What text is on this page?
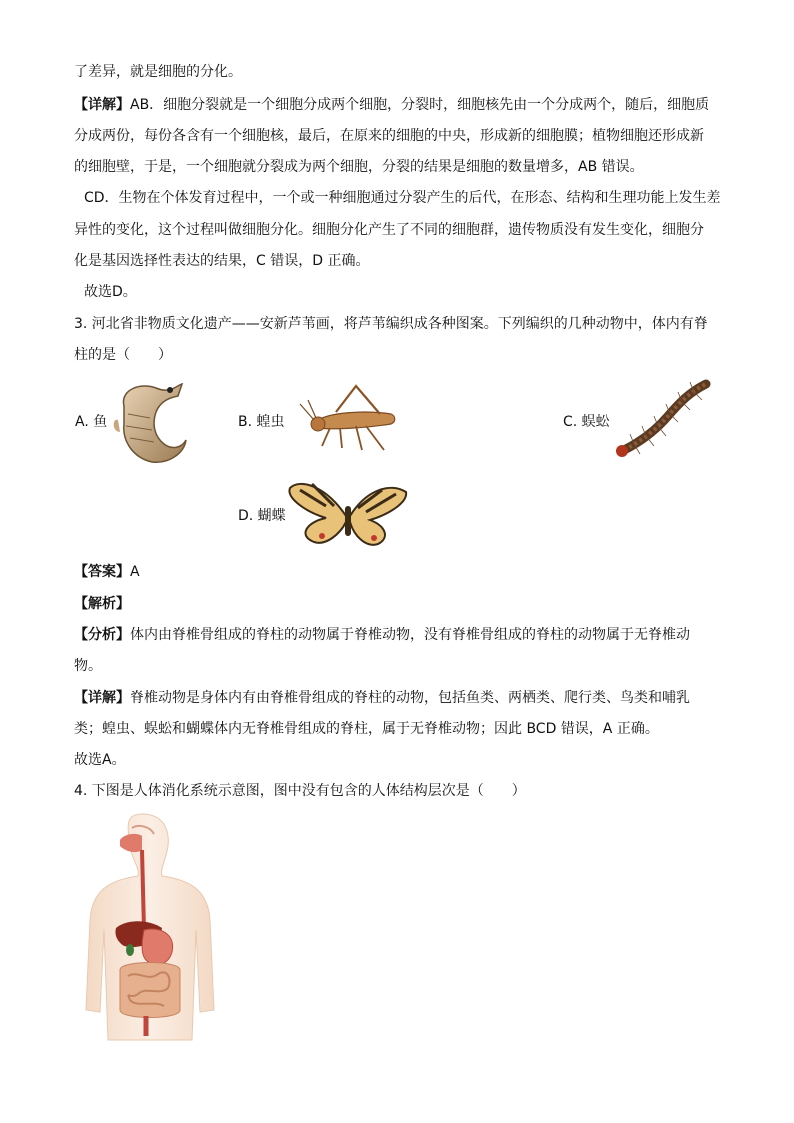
了差异，就是细胞的分化。
【详解】AB．细胞分裂就是一个细胞分成两个细胞，分裂时，细胞核先由一个分成两个，随后，细胞质
分成两份，每份各含有一个细胞核，最后，在原来的细胞的中央，形成新的细胞膜；植物细胞还形成新
的细胞壁，于是，一个细胞就分裂成为两个细胞，分裂的结果是细胞的数量增多，AB 错误。
CD．生物在个体发育过程中，一个或一种细胞通过分裂产生的后代，在形态、结构和生理功能上发生差
异性的变化，这个过程叫做细胞分化。细胞分化产生了不同的细胞群，遗传物质没有发生变化，细胞分
化是基因选择性表达的结果，C 错误，D 正确。
故选D。
3. 河北省非物质文化遗产——安新芦苇画，将芦苇编织成各种图案。下列编织的几种动物中，体内有脊
柱的是（　　）
A. 鱼	B. 蝗虫	C. 蜈蚣
D. 蝴蝶
【答案】A
【解析】
【分析】体内由脊椎骨组成的脊柱的动物属于脊椎动物，没有脊椎骨组成的脊柱的动物属于无脊椎动
物。
【详解】脊椎动物是身体内有由脊椎骨组成的脊柱的动物，包括鱼类、两栖类、爬行类、鸟类和哺乳
类；蝗虫、蜈蚣和蝴蝶体内无脊椎骨组成的脊柱，属于无脊椎动物；因此 BCD 错误，A 正确。
故选A。
4. 下图是人体消化系统示意图，图中没有包含的人体结构层次是（　　）
